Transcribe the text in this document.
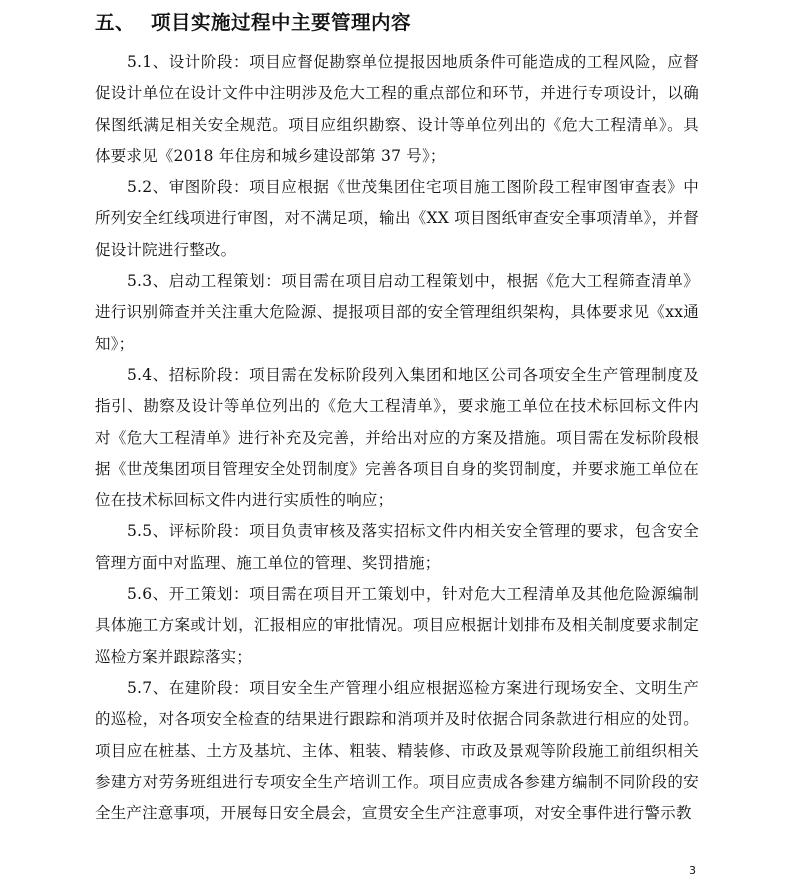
五、 项目实施过程中主要管理内容

5.1、设计阶段：项目应督促勘察单位提报因地质条件可能造成的工程风险，应督促设计单位在设计文件中注明涉及危大工程的重点部位和环节，并进行专项设计，以确保图纸满足相关安全规范。项目应组织勘察、设计等单位列出的《危大工程清单》。具体要求见《2018 年住房和城乡建设部第 37 号》；

5.2、审图阶段：项目应根据《世茂集团住宅项目施工图阶段工程审图审查表》中所列安全红线项进行审图，对不满足项，输出《XX 项目图纸审查安全事项清单》，并督促设计院进行整改。

5.3、启动工程策划：项目需在项目启动工程策划中，根据《危大工程筛查清单》进行识别筛查并关注重大危险源、提报项目部的安全管理组织架构，具体要求见《xx通知》；

5.4、招标阶段：项目需在发标阶段列入集团和地区公司各项安全生产管理制度及指引、勘察及设计等单位列出的《危大工程清单》，要求施工单位在技术标回标文件内对《危大工程清单》进行补充及完善，并给出对应的方案及措施。项目需在发标阶段根据《世茂集团项目管理安全处罚制度》完善各项目自身的奖罚制度，并要求施工单位在位在技术标回标文件内进行实质性的响应；

5.5、评标阶段：项目负责审核及落实招标文件内相关安全管理的要求，包含安全管理方面中对监理、施工单位的管理、奖罚措施；

5.6、开工策划：项目需在项目开工策划中，针对危大工程清单及其他危险源编制具体施工方案或计划，汇报相应的审批情况。项目应根据计划排布及相关制度要求制定巡检方案并跟踪落实；

5.7、在建阶段：项目安全生产管理小组应根据巡检方案进行现场安全、文明生产的巡检，对各项安全检查的结果进行跟踪和消项并及时依据合同条款进行相应的处罚。项目应在桩基、土方及基坑、主体、粗装、精装修、市政及景观等阶段施工前组织相关参建方对劳务班组进行专项安全生产培训工作。项目应责成各参建方编制不同阶段的安全生产注意事项，开展每日安全晨会，宣贯安全生产注意事项，对安全事件进行警示教

3
